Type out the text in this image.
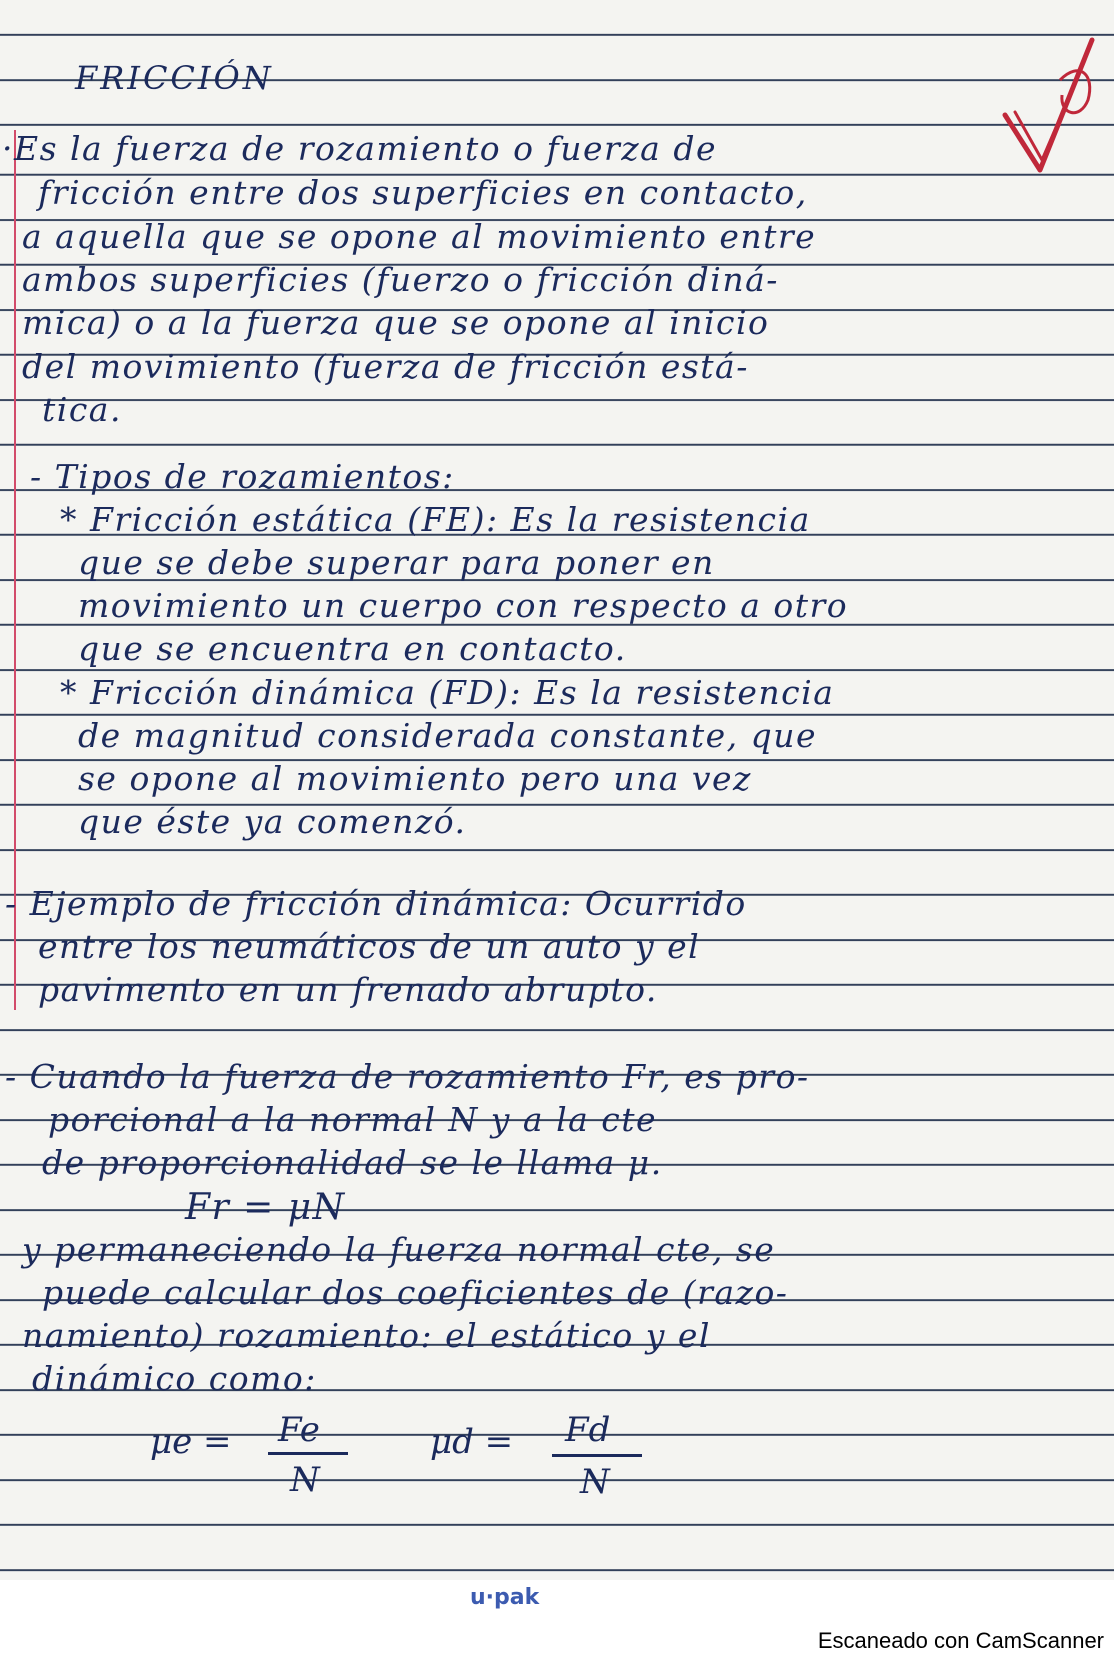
FRICCIÓN
·Es la fuerza de rozamiento o fuerza de
fricción entre dos superficies en contacto,
a aquella que se opone al movimiento entre
ambos superficies (fuerzo o fricción diná-
mica) o a la fuerza que se opone al inicio
del movimiento (fuerza de fricción está-
tica.
- Tipos de rozamientos:
* Fricción estática (FE): Es la resistencia
que se debe superar para poner en
movimiento un cuerpo con respecto a otro
que se encuentra en contacto.
* Fricción dinámica (FD): Es la resistencia
de magnitud considerada constante, que
se opone al movimiento pero una vez
que éste ya comenzó.
- Ejemplo de fricción dinámica: Ocurrido
entre los neumáticos de un auto y el
pavimento en un frenado abrupto.
- Cuando la fuerza de rozamiento Fr, es pro-
porcional a la normal N y a la cte
de proporcionalidad se le llama μ.
Fr = μN
y permaneciendo la fuerza normal cte, se
puede calcular dos coeficientes de (razo-
namiento) rozamiento: el estático y el
dinámico como:
μe = Fe
N
μd = Fd
N
u·pak
Escaneado con CamScanner
